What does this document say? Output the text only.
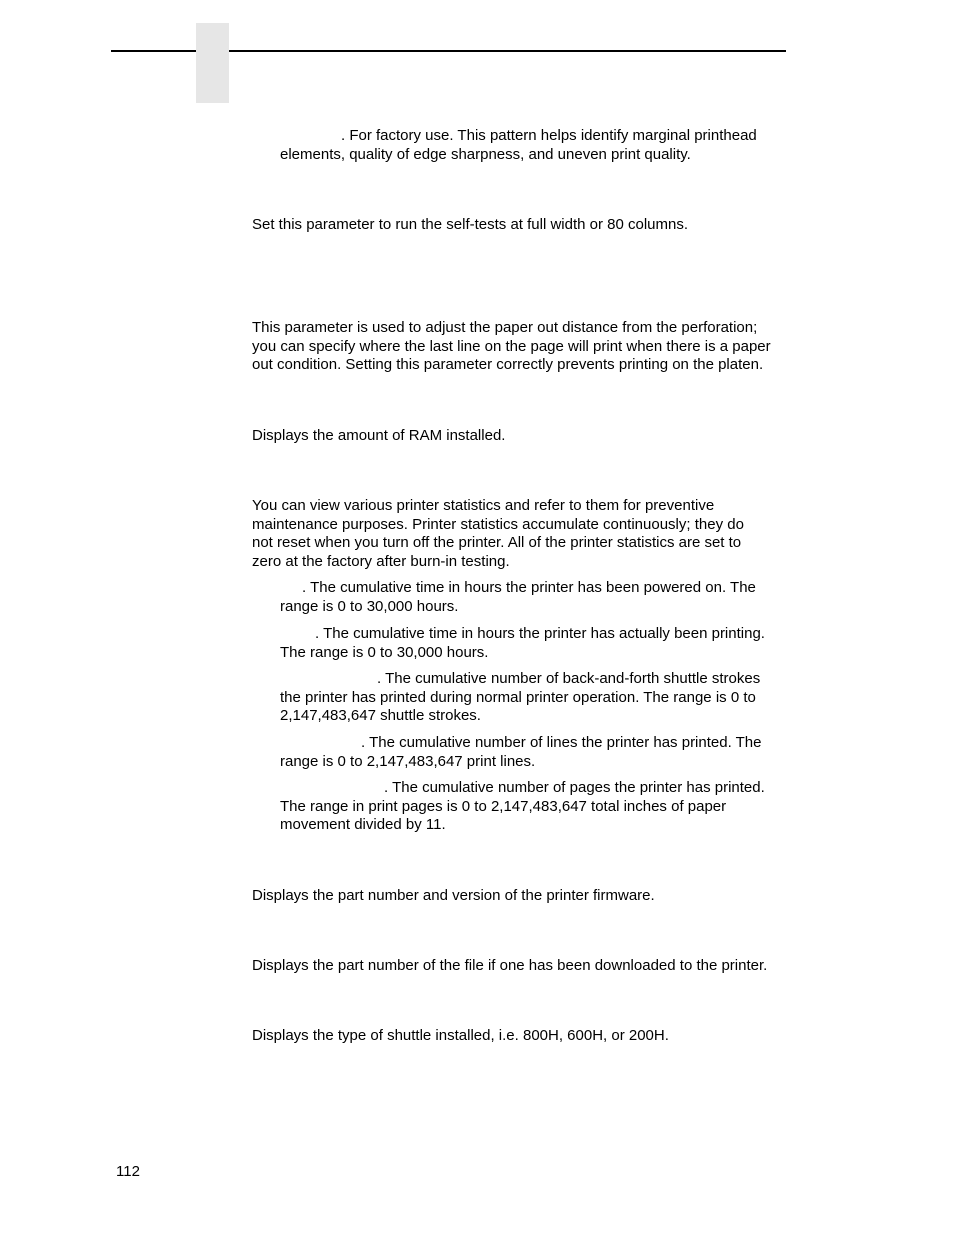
. For factory use. This pattern helps identify marginal printhead
elements, quality of edge sharpness, and uneven print quality.

Set this parameter to run the self-tests at full width or 80 columns.

This parameter is used to adjust the paper out distance from the perforation;
you can specify where the last line on the page will print when there is a paper
out condition. Setting this parameter correctly prevents printing on the platen.

Displays the amount of RAM installed.

You can view various printer statistics and refer to them for preventive
maintenance purposes. Printer statistics accumulate continuously; they do
not reset when you turn off the printer. All of the printer statistics are set to
zero at the factory after burn-in testing.

. The cumulative time in hours the printer has been powered on. The
range is 0 to 30,000 hours.

. The cumulative time in hours the printer has actually been printing.
The range is 0 to 30,000 hours.

. The cumulative number of back-and-forth shuttle strokes
the printer has printed during normal printer operation. The range is 0 to
2,147,483,647 shuttle strokes.

. The cumulative number of lines the printer has printed. The
range is 0 to 2,147,483,647 print lines.

. The cumulative number of pages the printer has printed.
The range in print pages is 0 to 2,147,483,647 total inches of paper
movement divided by 11.

Displays the part number and version of the printer firmware.

Displays the part number of the file if one has been downloaded to the printer.

Displays the type of shuttle installed, i.e. 800H, 600H, or 200H.

112
